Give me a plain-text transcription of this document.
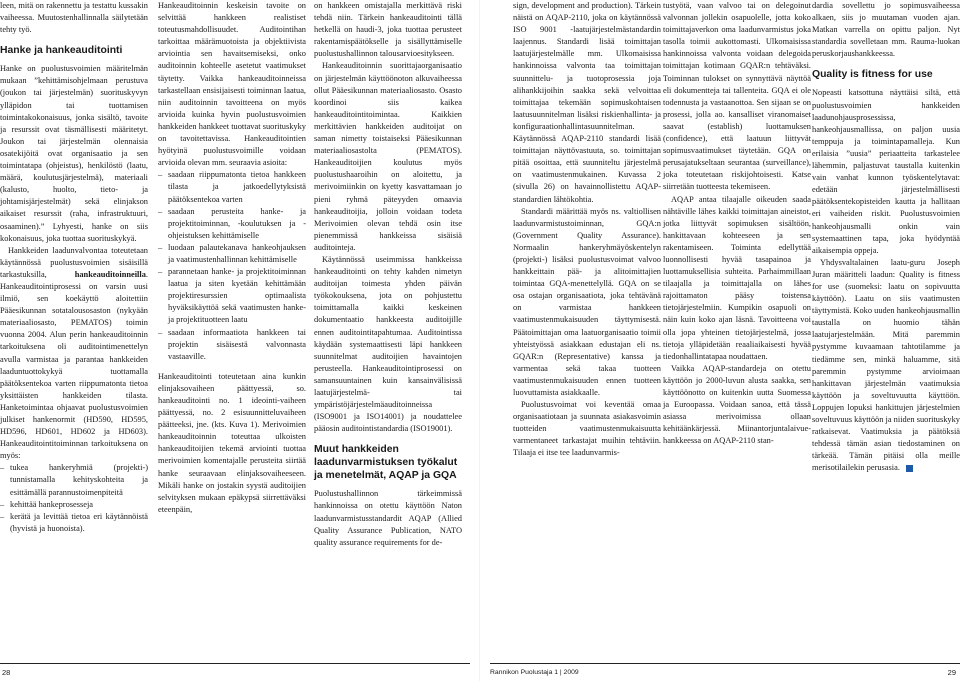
leen, mitä on rakennettu ja testattu kussakin vaiheessa. Muutostenhallinnalla säilytetään tehty työ.

Hanke ja hankeauditointi

Hanke on puolustusvoimien määritelmän mukaan ”kehittämisohjelmaan perustuva (joukon tai järjestelmän) suorituskyvyn ylläpidon tai tuottamisen toimintakokonaisuus, jonka sisältö, tavoite ja resurssit ovat täsmällisesti määritetyt. Joukon tai järjestelmän olennaisia osatekijöitä ovat organisaatio ja sen toimintatapa (ohjeistus), henkilöstö (laatu, määrä, koulutusjärjestelmä), materiaali (kalusto, huolto, tieto- ja johtamisjärjestelmät) sekä elinjakson aikaiset resurssit (raha, infrastruktuuri, osaaminen).” Lyhyesti, hanke on siis kokonaisuus, joka tuottaa suorituskykyä.

Hankkeiden laadunvalvontaa toteutetaan käytännössä puolustusvoimien sisäisillä tarkastuksilla, hankeauditoinneilla. Hankeauditointiprosessi on varsin uusi ilmiö, sen koekäyttö aloitettiin Pääesikunnan sotatalousosaston (nykyään materiaaliosasto, PEMATOS) toimin vuonna 2004. Alun perin hankeauditoinnin tarkoituksena oli auditointimenettelyn avulla varmistaa ja parantaa hankkeiden laaduntuottokykyä tuottamalla päätöksentekoa varten riippumatonta tietoa yksittäisten hankkeiden tilasta. Hanketoimintaa ohjaavat puolustusvoimien julkiset hankenormit (HD590, HD595, HD596, HD601, HD602 ja HD603). Hankeauditointitoiminnan tarkoituksena on myös:

– tukea hankeryhmiä (projekti-) tunnistamalla kehityskohteita ja esittämällä parannustoimenpiteitä
– kehittää hankeprosesseja
– kerätä ja levittää tietoa eri käytännöistä (hyvistä ja huonoista).

Hankeauditoinnin keskeisin tavoite on selvittää hankkeen realistiset toteutusmahdollisuudet. Auditointihan tarkoittaa määrämuotoista ja objektiivista arviointia sen havaitsemiseksi, onko auditoinnin kohteelle asetetut vaatimukset täytetty. Vaikka hankeauditoinneissa tarkastellaan ensisijaisesti toiminnan laatua, niin auditoinnin tavoitteena on myös arvioida kuinka hyvin puolustusvoimien hankkeiden hankkeet tuottavat suorituskyky on tavoitettavissa. Hankeauditointien hyötyinä puolustusvoimille voidaan arvioida olevan mm. seuraavia asioita:

– saadaan riippumatonta tietoa hankkeen tilasta ja jatkoedellytyksistä päätöksentekoa varten
– saadaan perusteita hanke- ja projektitoiminnan, -koulutuksen ja -ohjeistuksen kehittämiselle
– luodaan palautekanava hankeohjauksen ja vaatimustenhallinnan kehittämiselle
– parannetaan hanke- ja projektitoiminnan laatua ja siten kyetään kehittämään projektiresurssien optimaalista hyväksikäyttöä sekä vaatimusten hanke- ja projektituotteen laatu
– saadaan informaatiota hankkeen tai projektin sisäisestä valvonnasta vastaaville.

Hankeauditointi toteutetaan aina kunkin elinjaksovaiheen päättyessä, so. hankeauditointi no. 1 ideointi-vaiheen päättyessä, no. 2 esisuunnitteluvaiheen päätteeksi, jne. (kts. Kuva 1). Merivoimien hankeauditoinnin toteuttaa ulkoisten hankeauditoijien tekemä arviointi tuottaa merivoimien komentajalle perusteita siirtää hanke seuraavaan elinjaksovaiheeseen. Mikäli hanke on jostakin syystä auditoijien selvityksen mukaan epäkypsä siirrettäväksi eteenpäin,

on hankkeen omistajalla merkittävä riski tehdä niin. Tärkein hankeauditointi tällä hetkellä on haudi-3, joka tuottaa perusteet rakentamispäätökselle ja sisällyttämiselle puolustushallinnon talousarvioesitykseen.

Hankeauditoinnin suorittajaorganisaatio on järjestelmän käyttöönoton alkuvaiheessa ollut Pääesikunnan materiaaliosasto. Osasto koordinoi siis kaikea hankeauditointitoimintaa. Kaikkien merkittävien hankkeiden auditoijat on saman nimetty toistaiseksi Pääesikunnan materiaaliosastolta (PEMATOS). Hankeauditoijien koulutus myös puolustushaaroihin on aloitettu, ja merivoimiinkin on kyetty kasvattamaan jo pieni ryhmä päteyyden omaavia hankeauditoijia, jolloin voidaan todeta Merivoimien olevan tehdä osin itse pienemmissä hankkeissa sisäisiä auditointeja.

Käytännössä useimmissa hankkeissa hankeauditointi on tehty kahden nimetyn auditoijan toimesta yhden päivän työkokouksena, jota on pohjustettu toimittamalla kaikki keskeinen dokumentaatio hankkeesta auditoijille ennen auditointitapahtumaa. Auditointissa käydään systemaattisesti läpi hankkeen suunnitelmat auditoijien havaintojen perusteella. Hankeauditointiprosessi on samansuuntainen kuin kansainvälisissä laatujärjestelmä- tai ympäristöjärjestelmäauditoinneissa (ISO9001 ja ISO14001) ja noudattelee pääosin auditointistandardia (ISO19001).

Muut hankkeiden laadunvarmistuksen työkalut ja menetelmät, AQAP ja GQA

Puolustushallinnon tärkeimmissä hankinnoissa on otettu käyttöön Naton laadunvarmistusstandardit AQAP (Allied Quality Assurance Publication, NATO quality assurance requirements for de-

sign, development and production). Tärkein näistä on AQAP-2110, joka on käytännössä ISO 9001 -laatujärjestelmästandardin laajennus. Standardi lisää toimittajan laatujärjestelmälle mm. Ulkomaisissa hankinnoissa valvonta taa toimittajan suunnittelu- ja tuotoprosessia joja alihankkijoihin saakka sekä velvoittaa toimittajaa tekemään sopimuskohtaisen laatusuunnitelman lisäksi riskienhallinta- ja konfiguraationhallintasuunnitelman. Käytännössä AQAP-2110 standardi lisää toimittajan näyttövastuuta, so. toimittajan pitää osoittaa, että suunniteltu järjestelmä on vaatimustenmukainen. Kuvassa 2 (sivulla 26) on havainnollistettu AQAP-standardien lähtökohtia.

Standardi määrittää myös ns. valtiollisen laadunvarmistustoiminnan, GQA:n (Government Quality Assurance). Normaalin hankeryhmäyöskentelyn (projekti-) lisäksi puolustusvoimat valvoo hankkeittain pää- ja alitoimittajien toimintaa GQA-menettelyllä. GQA on se osa ostajan organisaatiota, joka tehtävänä on varmistaa hankkeen vaatimustenmukaisuuden täyttymisestä. Päätoimittajan oma laatuorganisaatio toimii yhteistyössä asiakkaan edustajan eli ns. GQAR:n (Representative) kanssa ja varmentaa sekä takaa tuotteen vaatimustenmukaisuuden ennen tuotteen luovuttamista asiakkaalle.

Puolustusvoimat voi keventää omaa organisaatiotaan ja suunnata asiakasvoimin tuotteiden vaatimustenmukaisuutta varmentaneet tarkastajat muihin tehtäviin. Tilaaja ei itse tee laadunvarmis-

tustyötä, vaan valvoo tai on delegoinut valvonnan jollekin osapuolelle, jotta koko toimittajaverkon oma laadunvarmistus joka tasolla toimii aukottomasti. Ulkomaisissa hankinnoissa valvonta voidaan delegoida toimittajan kotimaan GQAR:n tehtäväksi. Toiminnan tulokset on synnyttävä näyttöä eli dokumentteja tai tallenteita. GQA ei ole todennusta ja vastaanottoa. Sen sijaan se on prosessi, jolla ao. kansalliset viranomaiset saavat (establish) luottamuksen (confidence), että laatuun liittyvät sopimusvaatimukset täytetään. GQA on perusajatukseltaan seurantaa (surveillance), joka toteutetaan riskijohtoisesti. Katse siirretään tuotteesta tekemiseen.

AQAP antaa tilaajalle oikeuden saada nähtäville lähes kaikki toimittajan aineistot, jotka liittyvät sopimuksen sisältöön, hankittavaan kohteeseen ja sen rakentamiseen. Toiminta edellyttää luonnollisesti hyvää tasapainoa ja luottamuksellisia suhteita. Parhaimmillaan tilaajalla ja toimittajalla on lähes rajoittamaton pääsy toistensa tietojärjestelmiin. Kumpikin osapuoli on näin kuin koko ajan läsnä. Tavoitteena voi olla jopa yhteinen tietojärjestelmä, jossa tietoja ylläpidetään reaaliaikaisesti hyvää tiedonhallintatapaa noudattaen.

Vaikka AQAP-standardeja on otettu käyttöön jo 2000-luvun alusta saakka, sen käyttöönotto on kuitenkin uutta Suomessa ja Euroopassa. Voidaan sanoa, että tässä asiassa merivoimissa ollaan kehitäänkärjessä. Miinantorjuntalaivue-hankkeessa on AQAP-2110 stan-

dardia sovellettu jo sopimusvaiheessa alkaen, siis jo muutaman vuoden ajan. Matkan varrella on opittu paljon. Nyt standardia sovelletaan mm. Rauma-luokan peruskorjaushankkeessa.

Quality is fitness for use

Nopeasti katsottuna näyttäisi siltä, että puolustusvoimien hankkeiden laadunohjausprosessissa, hankeohjausmallissa, on paljon uusia temppuja ja toimintapamalleja. Kun erilaisia ”uusia” periaatteita tarkastelee lähemmin, paljastuvat taustalla kuitenkin vain vanhat kunnon työskentelytavat: edetään järjestelmällisesti päätöksentekopisteiden kautta ja hallitaan eri vaiheiden riskit. Puolustusvoimien hankeohjausmalli onkin vain systemaattinen tapa, joka hyödyntää aikaisempia oppeja.

Yhdysvaltalainen laatu-guru Joseph Juran määritteli laadun: Quality is fitness for use (suomeksi: laatu on sopivuutta käyttöön). Laatu on siis vaatimusten täyttymistä. Koko uuden hankeohjausmallin taustalla on huomio tähän laatujarjestelmään. Mitä paremmin pystymme kuvaamaan tahtotilamme ja tiedämme sen, minkä haluamme, sitä paremmin pystymme arvioimaan hankittavan järjestelmän vaatimuksia käyttöön ja soveltuvuutta käyttöön. Loppujen lopuksi hankittujen järjestelmien soveltuvuus käyttöön ja niiden suorituskyky ratkaisevat. Vaatimuksia ja päätöksiä tehdessä tämän asian tiedostaminen on tärkeää. Tämän pitäisi olla meille merisotilailekin perusasia.

28	Rannikon Puolustaja 1 | 2009	29
